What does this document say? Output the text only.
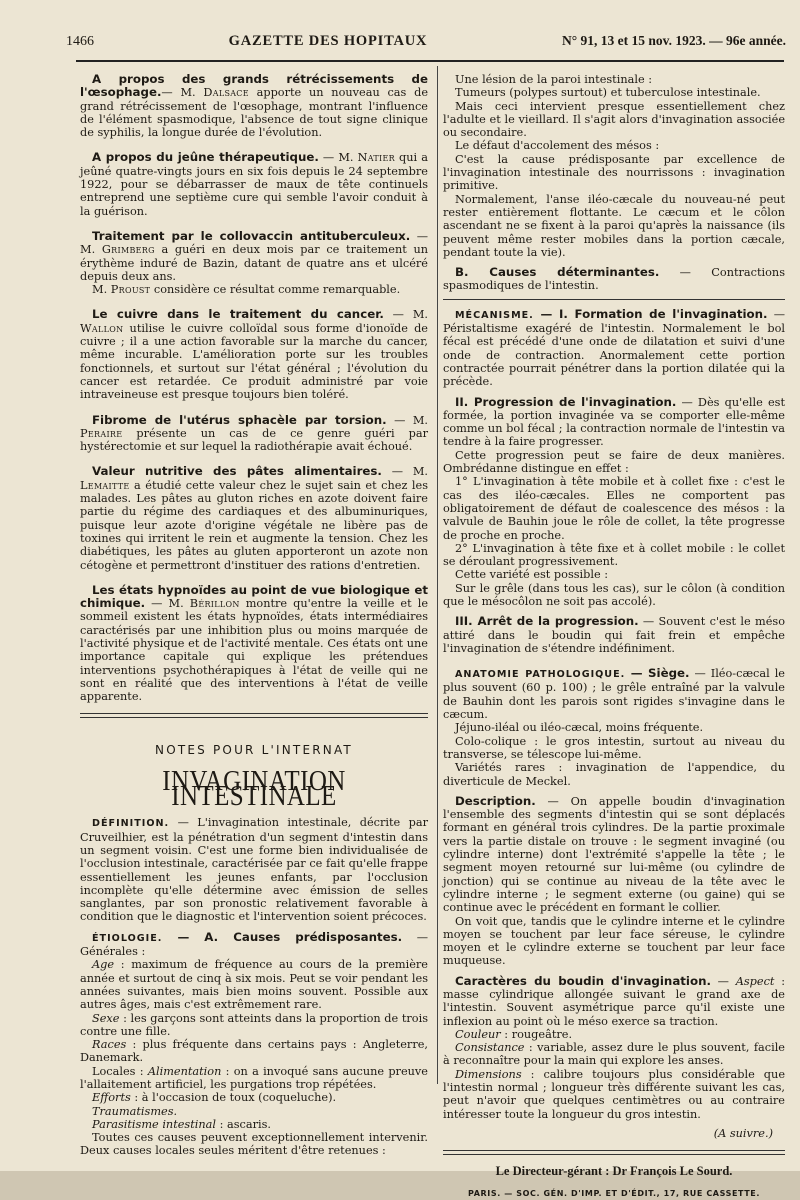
1466	GAZETTE DES HOPITAUX	N° 91, 13 et 15 nov. 1923. — 96e année.

A propos des grands rétrécissements de l'œsophage.— M. Dalsace apporte un nouveau cas de grand rétrécissement de l'œsophage, montrant l'influence de l'élément spasmodique, l'absence de tout signe clinique de syphilis, la longue durée de l'évolution.

A propos du jeûne thérapeutique. — M. Natier qui a jeûné quatre-vingts jours en six fois depuis le 24 septembre 1922, pour se débarrasser de maux de tête continuels entreprend une septième cure qui semble l'avoir conduit à la guérison.

Traitement par le collovaccin antituberculeux. — M. Grimberg a guéri en deux mois par ce traitement un érythème induré de Bazin, datant de quatre ans et ulcéré depuis deux ans.

M. Proust considère ce résultat comme remarquable.

Le cuivre dans le traitement du cancer. — M. Wallon utilise le cuivre colloïdal sous forme d'ionoïde de cuivre ; il a une action favorable sur la marche du cancer, même incurable. L'amélioration porte sur les troubles fonctionnels, et surtout sur l'état général ; l'évolution du cancer est retardée. Ce produit administré par voie intraveineuse est presque toujours bien toléré.

Fibrome de l'utérus sphacèle par torsion. — M. Peraire présente un cas de ce genre guéri par hystérectomie et sur lequel la radiothérapie avait échoué.

Valeur nutritive des pâtes alimentaires. — M. Lemaitte a étudié cette valeur chez le sujet sain et chez les malades. Les pâtes au gluton riches en azote doivent faire partie du régime des cardiaques et des albuminuriques, puisque leur azote d'origine végétale ne libère pas de toxines qui irritent le rein et augmente la tension. Chez les diabétiques, les pâtes au gluten apporteront un azote non cétogène et permettront d'instituer des rations d'entretien.

Les états hypnoïdes au point de vue biologique et chimique. — M. Bérillon montre qu'entre la veille et le sommeil existent les états hypnoïdes, états intermédiaires caractérisés par une inhibition plus ou moins marquée de l'activité physique et de l'activité mentale. Ces états ont une importance capitale qui explique les prétendues interventions psychothérapiques à l'état de veille qui ne sont en réalité que des interventions à l'état de veille apparente.

NOTES POUR L'INTERNAT
INVAGINATION INTESTINALE

DÉFINITION. — L'invagination intestinale, décrite par Cruveilhier, est la pénétration d'un segment d'intestin dans un segment voisin. C'est une forme bien individualisée de l'occlusion intestinale, caractérisée par ce fait qu'elle frappe essentiellement les jeunes enfants, par l'occlusion incomplète qu'elle détermine avec émission de selles sanglantes, par son pronostic relativement favorable à condition que le diagnostic et l'intervention soient précoces.

ÉTIOLOGIE. — A. Causes prédisposantes. — Générales :

Age : maximum de fréquence au cours de la première année et surtout de cinq à six mois. Peut se voir pendant les années suivantes, mais bien moins souvent. Possible aux autres âges, mais c'est extrêmement rare.

Sexe : les garçons sont atteints dans la proportion de trois contre une fille.

Races : plus fréquente dans certains pays : Angleterre, Danemark.

Locales : Alimentation : on a invoqué sans aucune preuve l'allaitement artificiel, les purgations trop répétées.

Efforts : à l'occasion de toux (coqueluche).

Traumatismes.

Parasitisme intestinal : ascaris.

Toutes ces causes peuvent exceptionnellement intervenir. Deux causes locales seules méritent d'être retenues :

Une lésion de la paroi intestinale :

Tumeurs (polypes surtout) et tuberculose intestinale.

Mais ceci intervient presque essentiellement chez l'adulte et le vieillard. Il s'agit alors d'invagination associée ou secondaire.

Le défaut d'accolement des mésos :

C'est la cause prédisposante par excellence de l'invagination intestinale des nourrissons : invagination primitive.

Normalement, l'anse iléo-cæcale du nouveau-né peut rester entièrement flottante. Le cæcum et le côlon ascendant ne se fixent à la paroi qu'après la naissance (ils peuvent même rester mobiles dans la portion cæcale, pendant toute la vie).

B. Causes déterminantes. — Contractions spasmodiques de l'intestin.

MÉCANISME. — I. Formation de l'invagination. — Péristaltisme exagéré de l'intestin. Normalement le bol fécal est précédé d'une onde de dilatation et suivi d'une onde de contraction. Anormalement cette portion contractée pourrait pénétrer dans la portion dilatée qui la précède.

II. Progression de l'invagination. — Dès qu'elle est formée, la portion invaginée va se comporter elle-même comme un bol fécal ; la contraction normale de l'intestin va tendre à la faire progresser.

Cette progression peut se faire de deux manières. Ombrédanne distingue en effet :

1° L'invagination à tête mobile et à collet fixe : c'est le cas des iléo-cæcales. Elles ne comportent pas obligatoirement de défaut de coalescence des mésos : la valvule de Bauhin joue le rôle de collet, la tête progresse de proche en proche.

2° L'invagination à tête fixe et à collet mobile : le collet se déroulant progressivement.

Cette variété est possible :

Sur le grêle (dans tous les cas), sur le côlon (à condition que le mésocôlon ne soit pas accolé).

III. Arrêt de la progression. — Souvent c'est le méso attiré dans le boudin qui fait frein et empêche l'invagination de s'étendre indéfiniment.

ANATOMIE PATHOLOGIQUE. — Siège. — Iléo-cæcal le plus souvent (60 p. 100) ; le grêle entraîné par la valvule de Bauhin dont les parois sont rigides s'invagine dans le cæcum.

Jéjuno-iléal ou iléo-cæcal, moins fréquente.

Colo-colique : le gros intestin, surtout au niveau du transverse, se télescope lui-même.

Variétés rares : invagination de l'appendice, du diverticule de Meckel.

Description. — On appelle boudin d'invagination l'ensemble des segments d'intestin qui se sont déplacés formant en général trois cylindres. De la partie proximale vers la partie distale on trouve : le segment invaginé (ou cylindre interne) dont l'extrémité s'appelle la tête ; le segment moyen retourné sur lui-même (ou cylindre de jonction) qui se continue au niveau de la tête avec le cylindre interne ; le segment externe (ou gaine) qui se continue avec le précédent en formant le collier.

On voit que, tandis que le cylindre interne et le cylindre moyen se touchent par leur face séreuse, le cylindre moyen et le cylindre externe se touchent par leur face muqueuse.

Caractères du boudin d'invagination. — Aspect : masse cylindrique allongée suivant le grand axe de l'intestin. Souvent asymétrique parce qu'il existe une inflexion au point où le méso exerce sa traction.

Couleur : rougeâtre.

Consistance : variable, assez dure le plus souvent, facile à reconnaître pour la main qui explore les anses.

Dimensions : calibre toujours plus considérable que l'intestin normal ; longueur très différente suivant les cas, peut n'avoir que quelques centimètres ou au contraire intéresser toute la longueur du gros intestin.

(A suivre.)
Le Directeur-gérant : Dr François Le Sourd.
PARIS. — SOC. GÉN. D'IMP. ET D'ÉDIT., 17, RUE CASSETTE.
